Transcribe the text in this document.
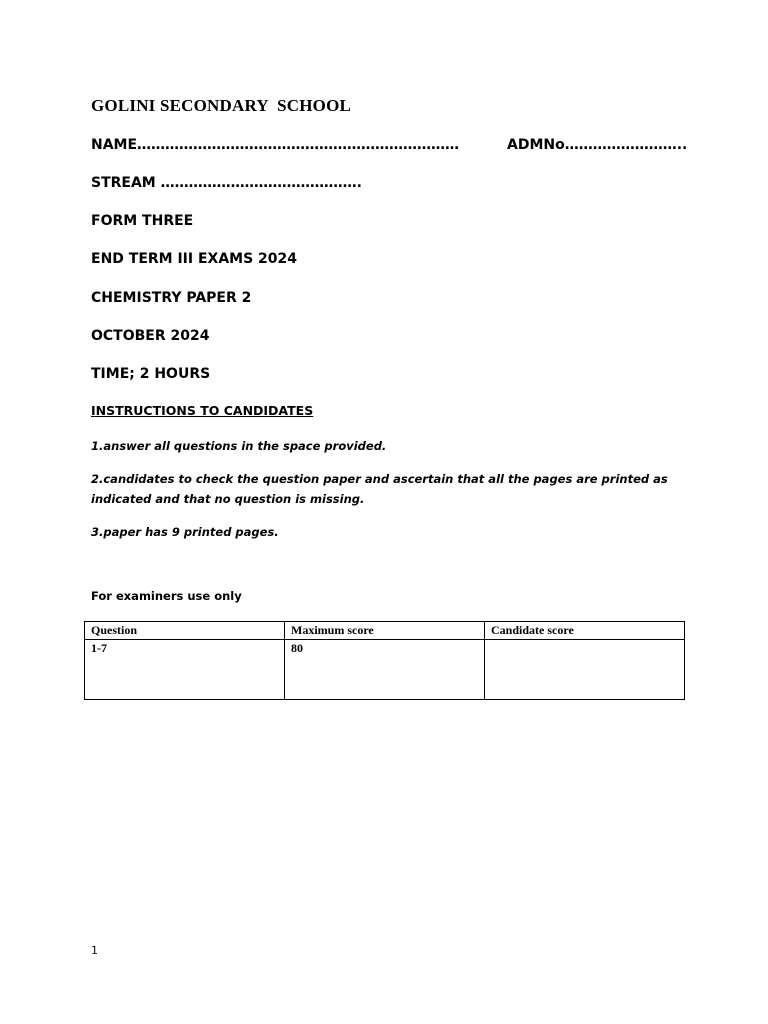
GOLINI SECONDARY  SCHOOL
NAME……………………………………………………………	ADMNo……………………..
STREAM …………………………………….
FORM THREE
END TERM III EXAMS 2024
CHEMISTRY PAPER 2
OCTOBER 2024
TIME; 2 HOURS
INSTRUCTIONS TO CANDIDATES
1.answer all questions in the space provided.
2.candidates to check the question paper and ascertain that all the pages are printed as indicated and that no question is missing.
3.paper has 9 printed pages.
For examiners use only
Question	Maximum score	Candidate score
1-7	80	
1
